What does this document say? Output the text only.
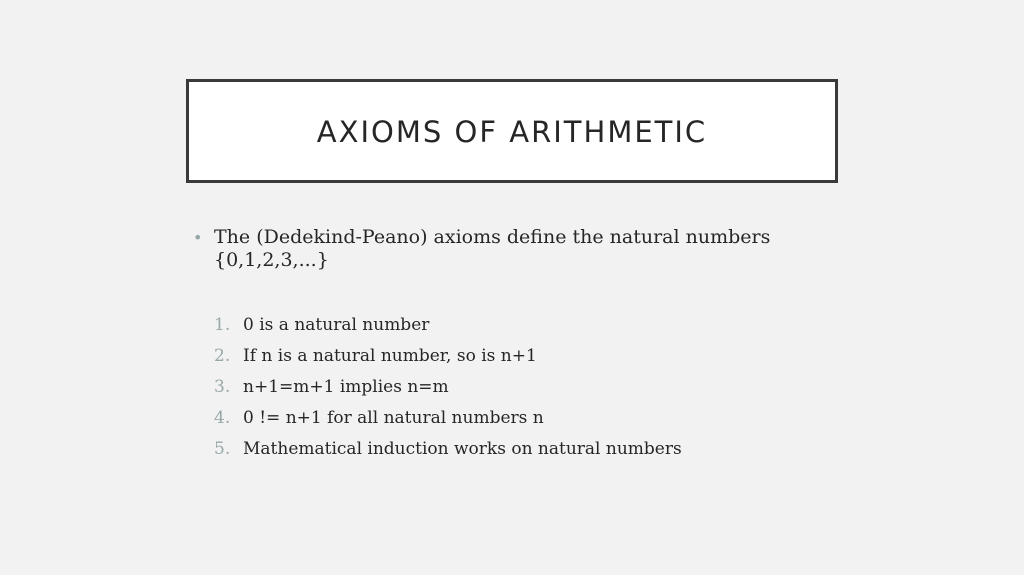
AXIOMS OF ARITHMETIC
• The (Dedekind-Peano) axioms define the natural numbers {0,1,2,3,...}
1. 0 is a natural number
2. If n is a natural number, so is n+1
3. n+1=m+1 implies n=m
4. 0 != n+1 for all natural numbers n
5. Mathematical induction works on natural numbers
